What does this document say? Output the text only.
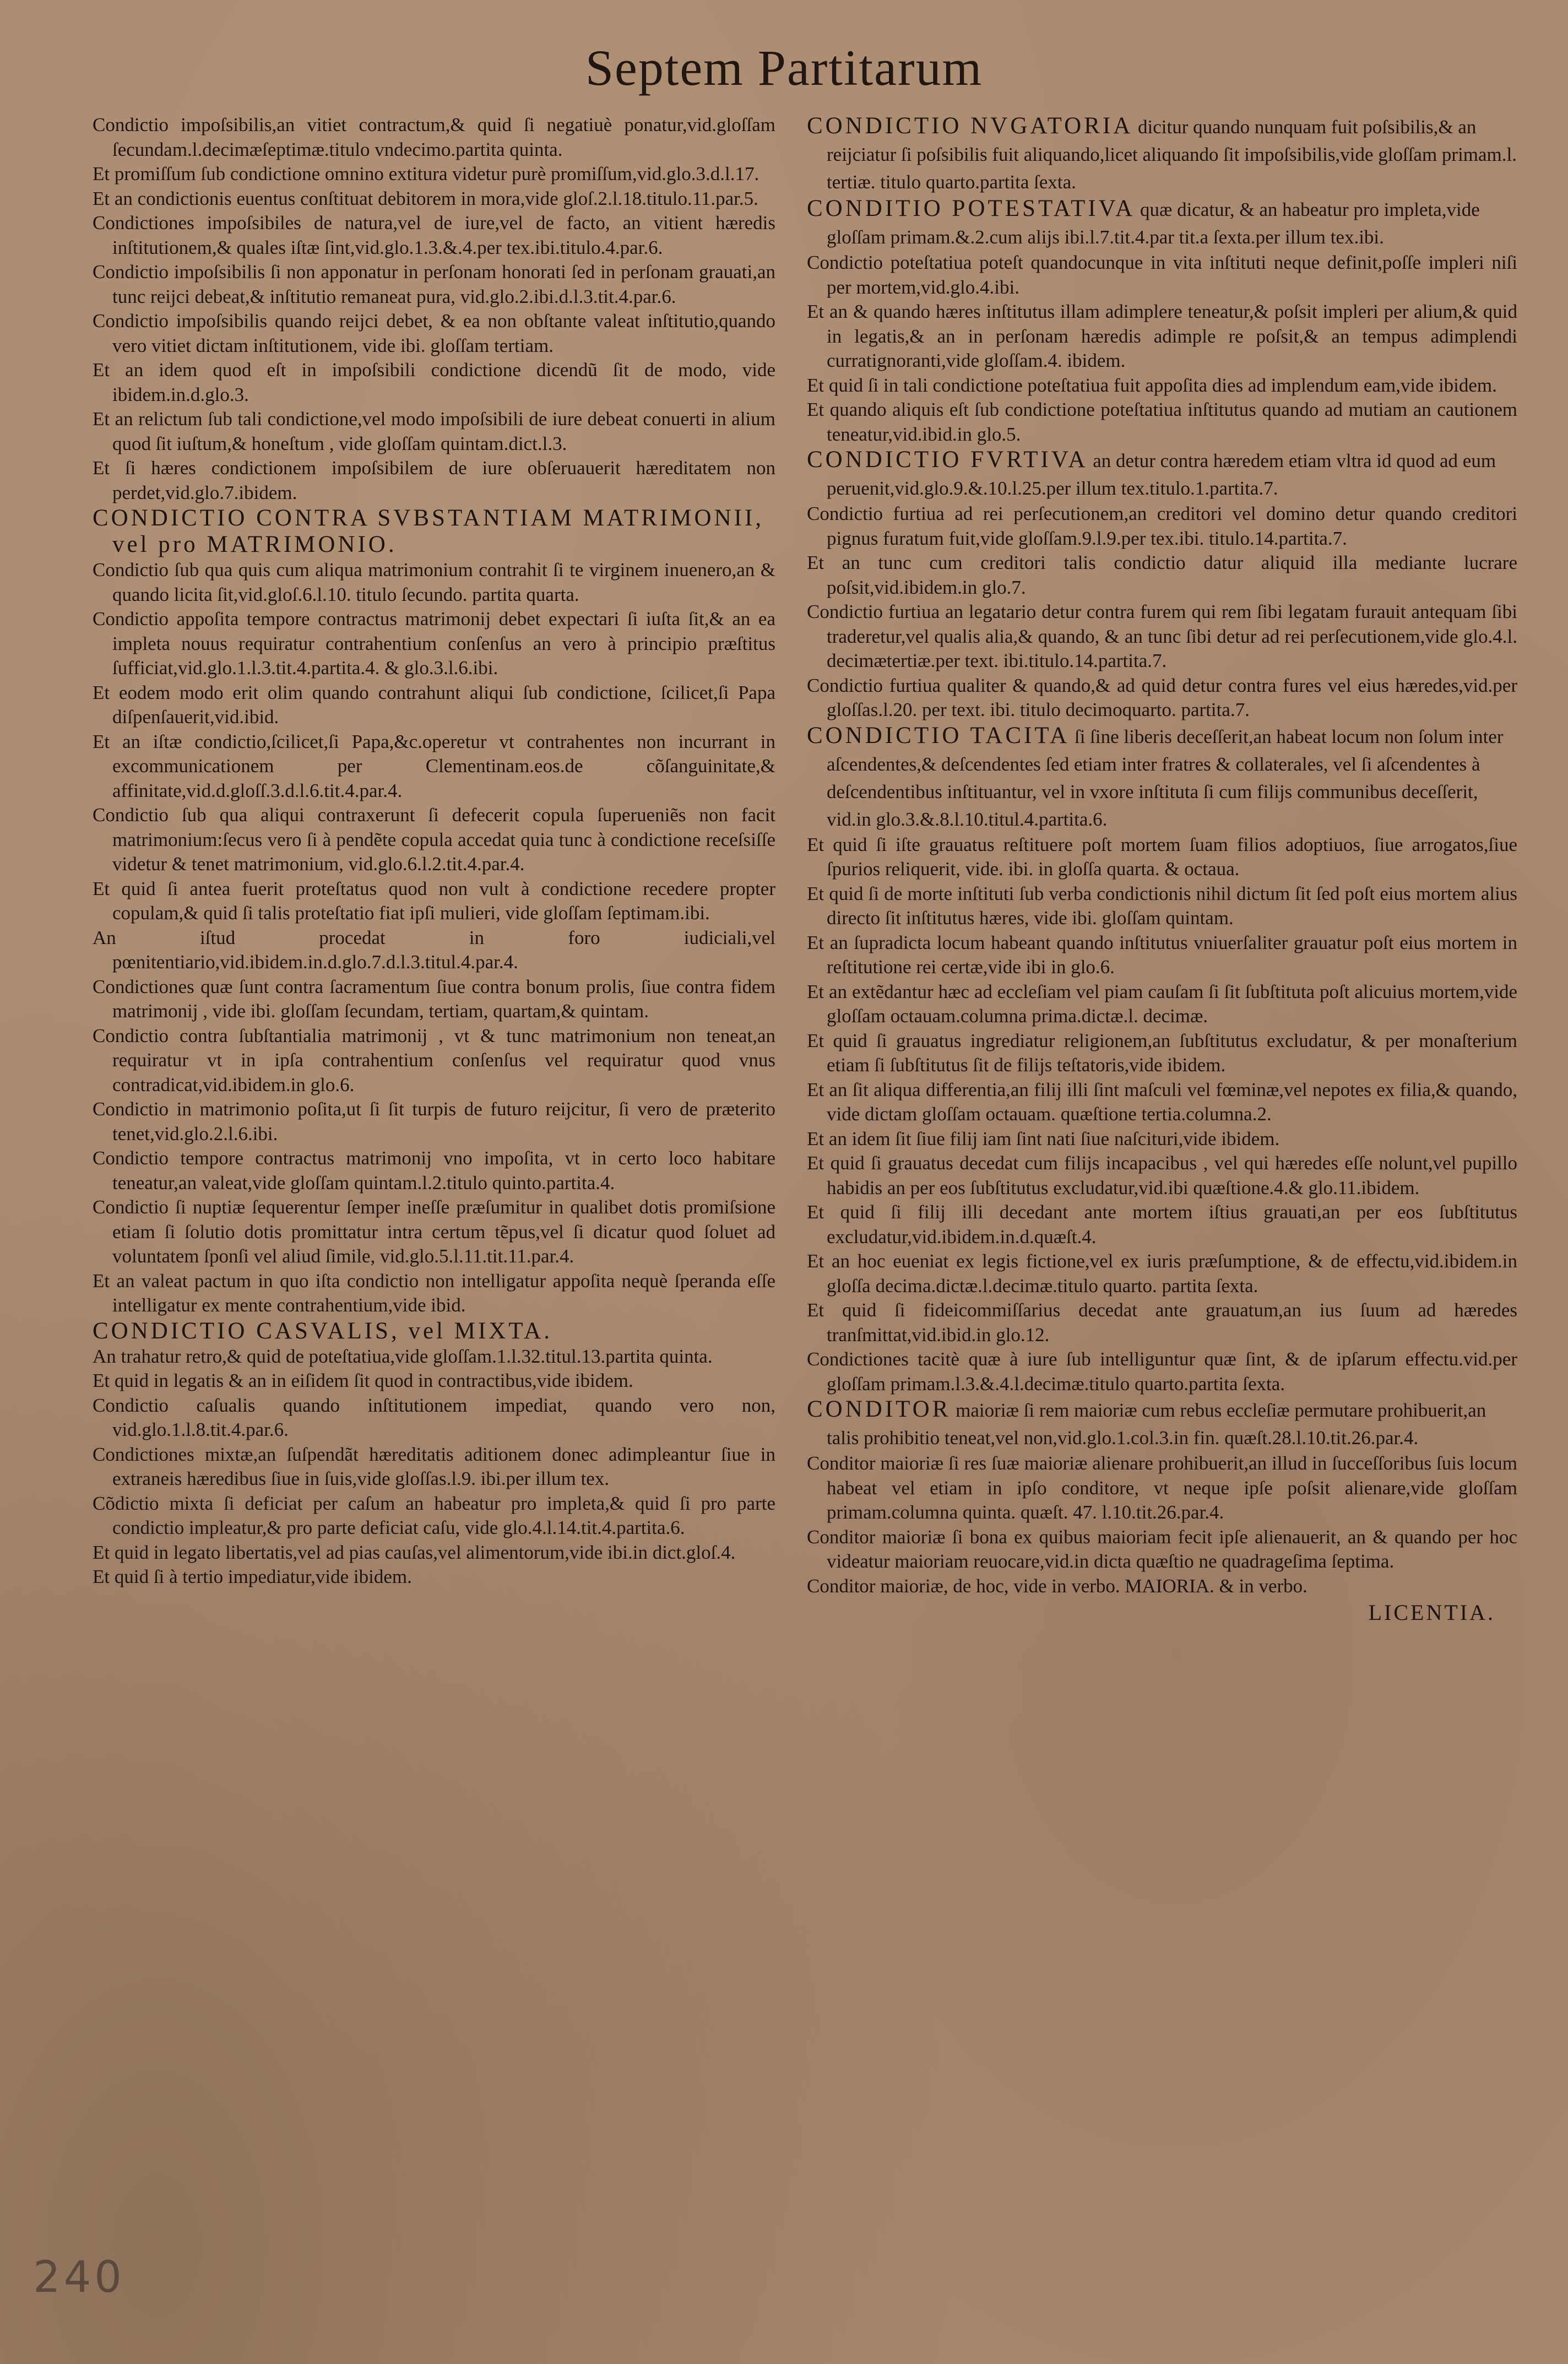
Septem Partitarum

Condictio impoſsibilis,an vitiet contractum,& quid ſi negatiuè ponatur,vid.gloſſam ſecundam.l.decimæſeptimæ.titulo vndecimo.partita quinta.

Et promiſſum ſub condictione omnino extitura videtur purè promiſſum,vid.glo.3.d.l.17.

Et an condictionis euentus conſtituat debitorem in mora,vide gloſ.2.l.18.titulo.11.par.5.

Condictiones impoſsibiles de natura,vel de iure,vel de facto, an vitient hæredis inſtitutionem,& quales iſtæ ſint,vid.glo.1.3.&.4.per tex.ibi.titulo.4.par.6.

Condictio impoſsibilis ſi non apponatur in perſonam honorati ſed in perſonam grauati,an tunc reijci debeat,& inſtitutio remaneat pura, vid.glo.2.ibi.d.l.3.tit.4.par.6.

Condictio impoſsibilis quando reijci debet, & ea non obſtante valeat inſtitutio,quando vero vitiet dictam inſtitutionem, vide ibi. gloſſam tertiam.

Et an idem quod eſt in impoſsibili condictione dicendũ ſit de modo, vide ibidem.in.d.glo.3.

Et an relictum ſub tali condictione,vel modo impoſsibili de iure debeat conuerti in alium quod ſit iuſtum,& honeſtum , vide gloſſam quintam.dict.l.3.

Et ſi hæres condictionem impoſsibilem de iure obſeruauerit hæreditatem non perdet,vid.glo.7.ibidem.

CONDICTIO CONTRA SVBSTANTIAM MATRIMONII, vel pro MATRIMONIO.

Condictio ſub qua quis cum aliqua matrimonium contrahit ſi te virginem inuenero,an & quando licita ſit,vid.gloſ.6.l.10. titulo ſecundo. partita quarta.

Condictio appoſita tempore contractus matrimonij debet expectari ſi iuſta ſit,& an ea impleta nouus requiratur contrahentium conſenſus an vero à principio præſtitus ſufficiat,vid.glo.1.l.3.tit.4.partita.4. & glo.3.l.6.ibi.

Et eodem modo erit olim quando contrahunt aliqui ſub condictione, ſcilicet,ſi Papa diſpenſauerit,vid.ibid.

Et an iſtæ condictio,ſcilicet,ſi Papa,&c.operetur vt contrahentes non incurrant in excommunicationem per Clementinam.eos.de cõſanguinitate,& affinitate,vid.d.gloſſ.3.d.l.6.tit.4.par.4.

Condictio ſub qua aliqui contraxerunt ſi defecerit copula ſuperueniẽs non facit matrimonium:ſecus vero ſi à pendẽte copula accedat quia tunc à condictione receſsiſſe videtur & tenet matrimonium, vid.glo.6.l.2.tit.4.par.4.

Et quid ſi antea fuerit proteſtatus quod non vult à condictione recedere propter copulam,& quid ſi talis proteſtatio fiat ipſi mulieri, vide gloſſam ſeptimam.ibi.

An iſtud procedat in foro iudiciali,vel pœnitentiario,vid.ibidem.in.d.glo.7.d.l.3.titul.4.par.4.

Condictiones quæ ſunt contra ſacramentum ſiue contra bonum prolis, ſiue contra fidem matrimonij , vide ibi. gloſſam ſecundam, tertiam, quartam,& quintam.

Condictio contra ſubſtantialia matrimonij , vt & tunc matrimonium non teneat,an requiratur vt in ipſa contrahentium conſenſus vel requiratur quod vnus contradicat,vid.ibidem.in glo.6.

Condictio in matrimonio poſita,ut ſi ſit turpis de futuro reijcitur, ſi vero de præterito tenet,vid.glo.2.l.6.ibi.

Condictio tempore contractus matrimonij vno impoſita, vt in certo loco habitare teneatur,an valeat,vide gloſſam quintam.l.2.titulo quinto.partita.4.

Condictio ſi nuptiæ ſequerentur ſemper ineſſe præſumitur in qualibet dotis promiſsione etiam ſi ſolutio dotis promittatur intra certum tẽpus,vel ſi dicatur quod ſoluet ad voluntatem ſponſi vel aliud ſimile, vid.glo.5.l.11.tit.11.par.4.

Et an valeat pactum in quo iſta condictio non intelligatur appoſita nequè ſperanda eſſe intelligatur ex mente contrahentium,vide ibid.

CONDICTIO CASVALIS, vel MIXTA.

An trahatur retro,& quid de poteſtatiua,vide gloſſam.1.l.32.titul.13.partita quinta.

Et quid in legatis & an in eiſidem ſit quod in contractibus,vide ibidem.

Condictio caſualis quando inſtitutionem impediat, quando vero non, vid.glo.1.l.8.tit.4.par.6.

Condictiones mixtæ,an ſuſpendãt hæreditatis aditionem donec adimpleantur ſiue in extraneis hæredibus ſiue in ſuis,vide gloſſas.l.9. ibi.per illum tex.

Cõdictio mixta ſi deficiat per caſum an habeatur pro impleta,& quid ſi pro parte condictio impleatur,& pro parte deficiat caſu, vide glo.4.l.14.tit.4.partita.6.

Et quid in legato libertatis,vel ad pias cauſas,vel alimentorum,vide ibi.in dict.gloſ.4.

Et quid ſi à tertio impediatur,vide ibidem.

CONDICTIO NVGATORIA dicitur quando nunquam fuit poſsibilis,& an reijciatur ſi poſsibilis fuit aliquando,licet aliquando ſit impoſsibilis,vide gloſſam primam.l. tertiæ. titulo quarto.partita ſexta.

CONDITIO POTESTATIVA quæ dicatur, & an habeatur pro impleta,vide gloſſam primam.&.2.cum alijs ibi.l.7.tit.4.par tit.a ſexta.per illum tex.ibi.

Condictio poteſtatiua poteſt quandocunque in vita inſtituti neque definit,poſſe impleri niſi per mortem,vid.glo.4.ibi.

Et an & quando hæres inſtitutus illam adimplere teneatur,& poſsit impleri per alium,& quid in legatis,& an in perſonam hæredis adimple re poſsit,& an tempus adimplendi curratignoranti,vide gloſſam.4. ibidem.

Et quid ſi in tali condictione poteſtatiua fuit appoſita dies ad implendum eam,vide ibidem.

Et quando aliquis eſt ſub condictione poteſtatiua inſtitutus quando ad mutiam an cautionem teneatur,vid.ibid.in glo.5.

CONDICTIO FVRTIVA an detur contra hæredem etiam vltra id quod ad eum peruenit,vid.glo.9.&.10.l.25.per illum tex.titulo.1.partita.7.

Condictio furtiua ad rei perſecutionem,an creditori vel domino detur quando creditori pignus furatum fuit,vide gloſſam.9.l.9.per tex.ibi. titulo.14.partita.7.

Et an tunc cum creditori talis condictio datur aliquid illa mediante lucrare poſsit,vid.ibidem.in glo.7.

Condictio furtiua an legatario detur contra furem qui rem ſibi legatam furauit antequam ſibi traderetur,vel qualis alia,& quando, & an tunc ſibi detur ad rei perſecutionem,vide glo.4.l. decimætertiæ.per text. ibi.titulo.14.partita.7.

Condictio furtiua qualiter & quando,& ad quid detur contra fures vel eius hæredes,vid.per gloſſas.l.20. per text. ibi. titulo decimoquarto. partita.7.

CONDICTIO TACITA ſi ſine liberis deceſſerit,an habeat locum non ſolum inter aſcendentes,& deſcendentes ſed etiam inter fratres & collaterales, vel ſi aſcendentes à deſcendentibus inſtituantur, vel in vxore inſtituta ſi cum filijs communibus deceſſerit, vid.in glo.3.&.8.l.10.titul.4.partita.6.

Et quid ſi iſte grauatus reſtituere poſt mortem ſuam filios adoptiuos, ſiue arrogatos,ſiue ſpurios reliquerit, vide. ibi. in gloſſa quarta. & octaua.

Et quid ſi de morte inſtituti ſub verba condictionis nihil dictum ſit ſed poſt eius mortem alius directo ſit inſtitutus hæres, vide ibi. gloſſam quintam.

Et an ſupradicta locum habeant quando inſtitutus vniuerſaliter grauatur poſt eius mortem in reſtitutione rei certæ,vide ibi in glo.6.

Et an extẽdantur hæc ad eccleſiam vel piam cauſam ſi ſit ſubſtituta poſt alicuius mortem,vide gloſſam octauam.columna prima.dictæ.l. decimæ.

Et quid ſi grauatus ingrediatur religionem,an ſubſtitutus excludatur, & per monaſterium etiam ſi ſubſtitutus ſit de filijs teſtatoris,vide ibidem.

Et an ſit aliqua differentia,an filij illi ſint maſculi vel fœminæ,vel nepotes ex filia,& quando, vide dictam gloſſam octauam. quæſtione tertia.columna.2.

Et an idem ſit ſiue filij iam ſint nati ſiue naſcituri,vide ibidem.

Et quid ſi grauatus decedat cum filijs incapacibus , vel qui hæredes eſſe nolunt,vel pupillo habidis an per eos ſubſtitutus excludatur,vid.ibi quæſtione.4.& glo.11.ibidem.

Et quid ſi filij illi decedant ante mortem iſtius grauati,an per eos ſubſtitutus excludatur,vid.ibidem.in.d.quæſt.4.

Et an hoc eueniat ex legis fictione,vel ex iuris præſumptione, & de effectu,vid.ibidem.in gloſſa decima.dictæ.l.decimæ.titulo quarto. partita ſexta.

Et quid ſi fideicommiſſarius decedat ante grauatum,an ius ſuum ad hæredes tranſmittat,vid.ibid.in glo.12.

Condictiones tacitè quæ à iure ſub intelliguntur quæ ſint, & de ipſarum effectu.vid.per gloſſam primam.l.3.&.4.l.decimæ.titulo quarto.partita ſexta.

CONDITOR maioriæ ſi rem maioriæ cum rebus eccleſiæ permutare prohibuerit,an talis prohibitio teneat,vel non,vid.glo.1.col.3.in fin. quæſt.28.l.10.tit.26.par.4.

Conditor maioriæ ſi res ſuæ maioriæ alienare prohibuerit,an illud in ſucceſſoribus ſuis locum habeat vel etiam in ipſo conditore, vt neque ipſe poſsit alienare,vide gloſſam primam.columna quinta. quæſt. 47. l.10.tit.26.par.4.

Conditor maioriæ ſi bona ex quibus maioriam fecit ipſe alienauerit, an & quando per hoc videatur maioriam reuocare,vid.in dicta quæſtio ne quadrageſima ſeptima.

Conditor maioriæ, de hoc, vide in verbo. MAIORIA. & in verbo.

LICENTIA.
240
